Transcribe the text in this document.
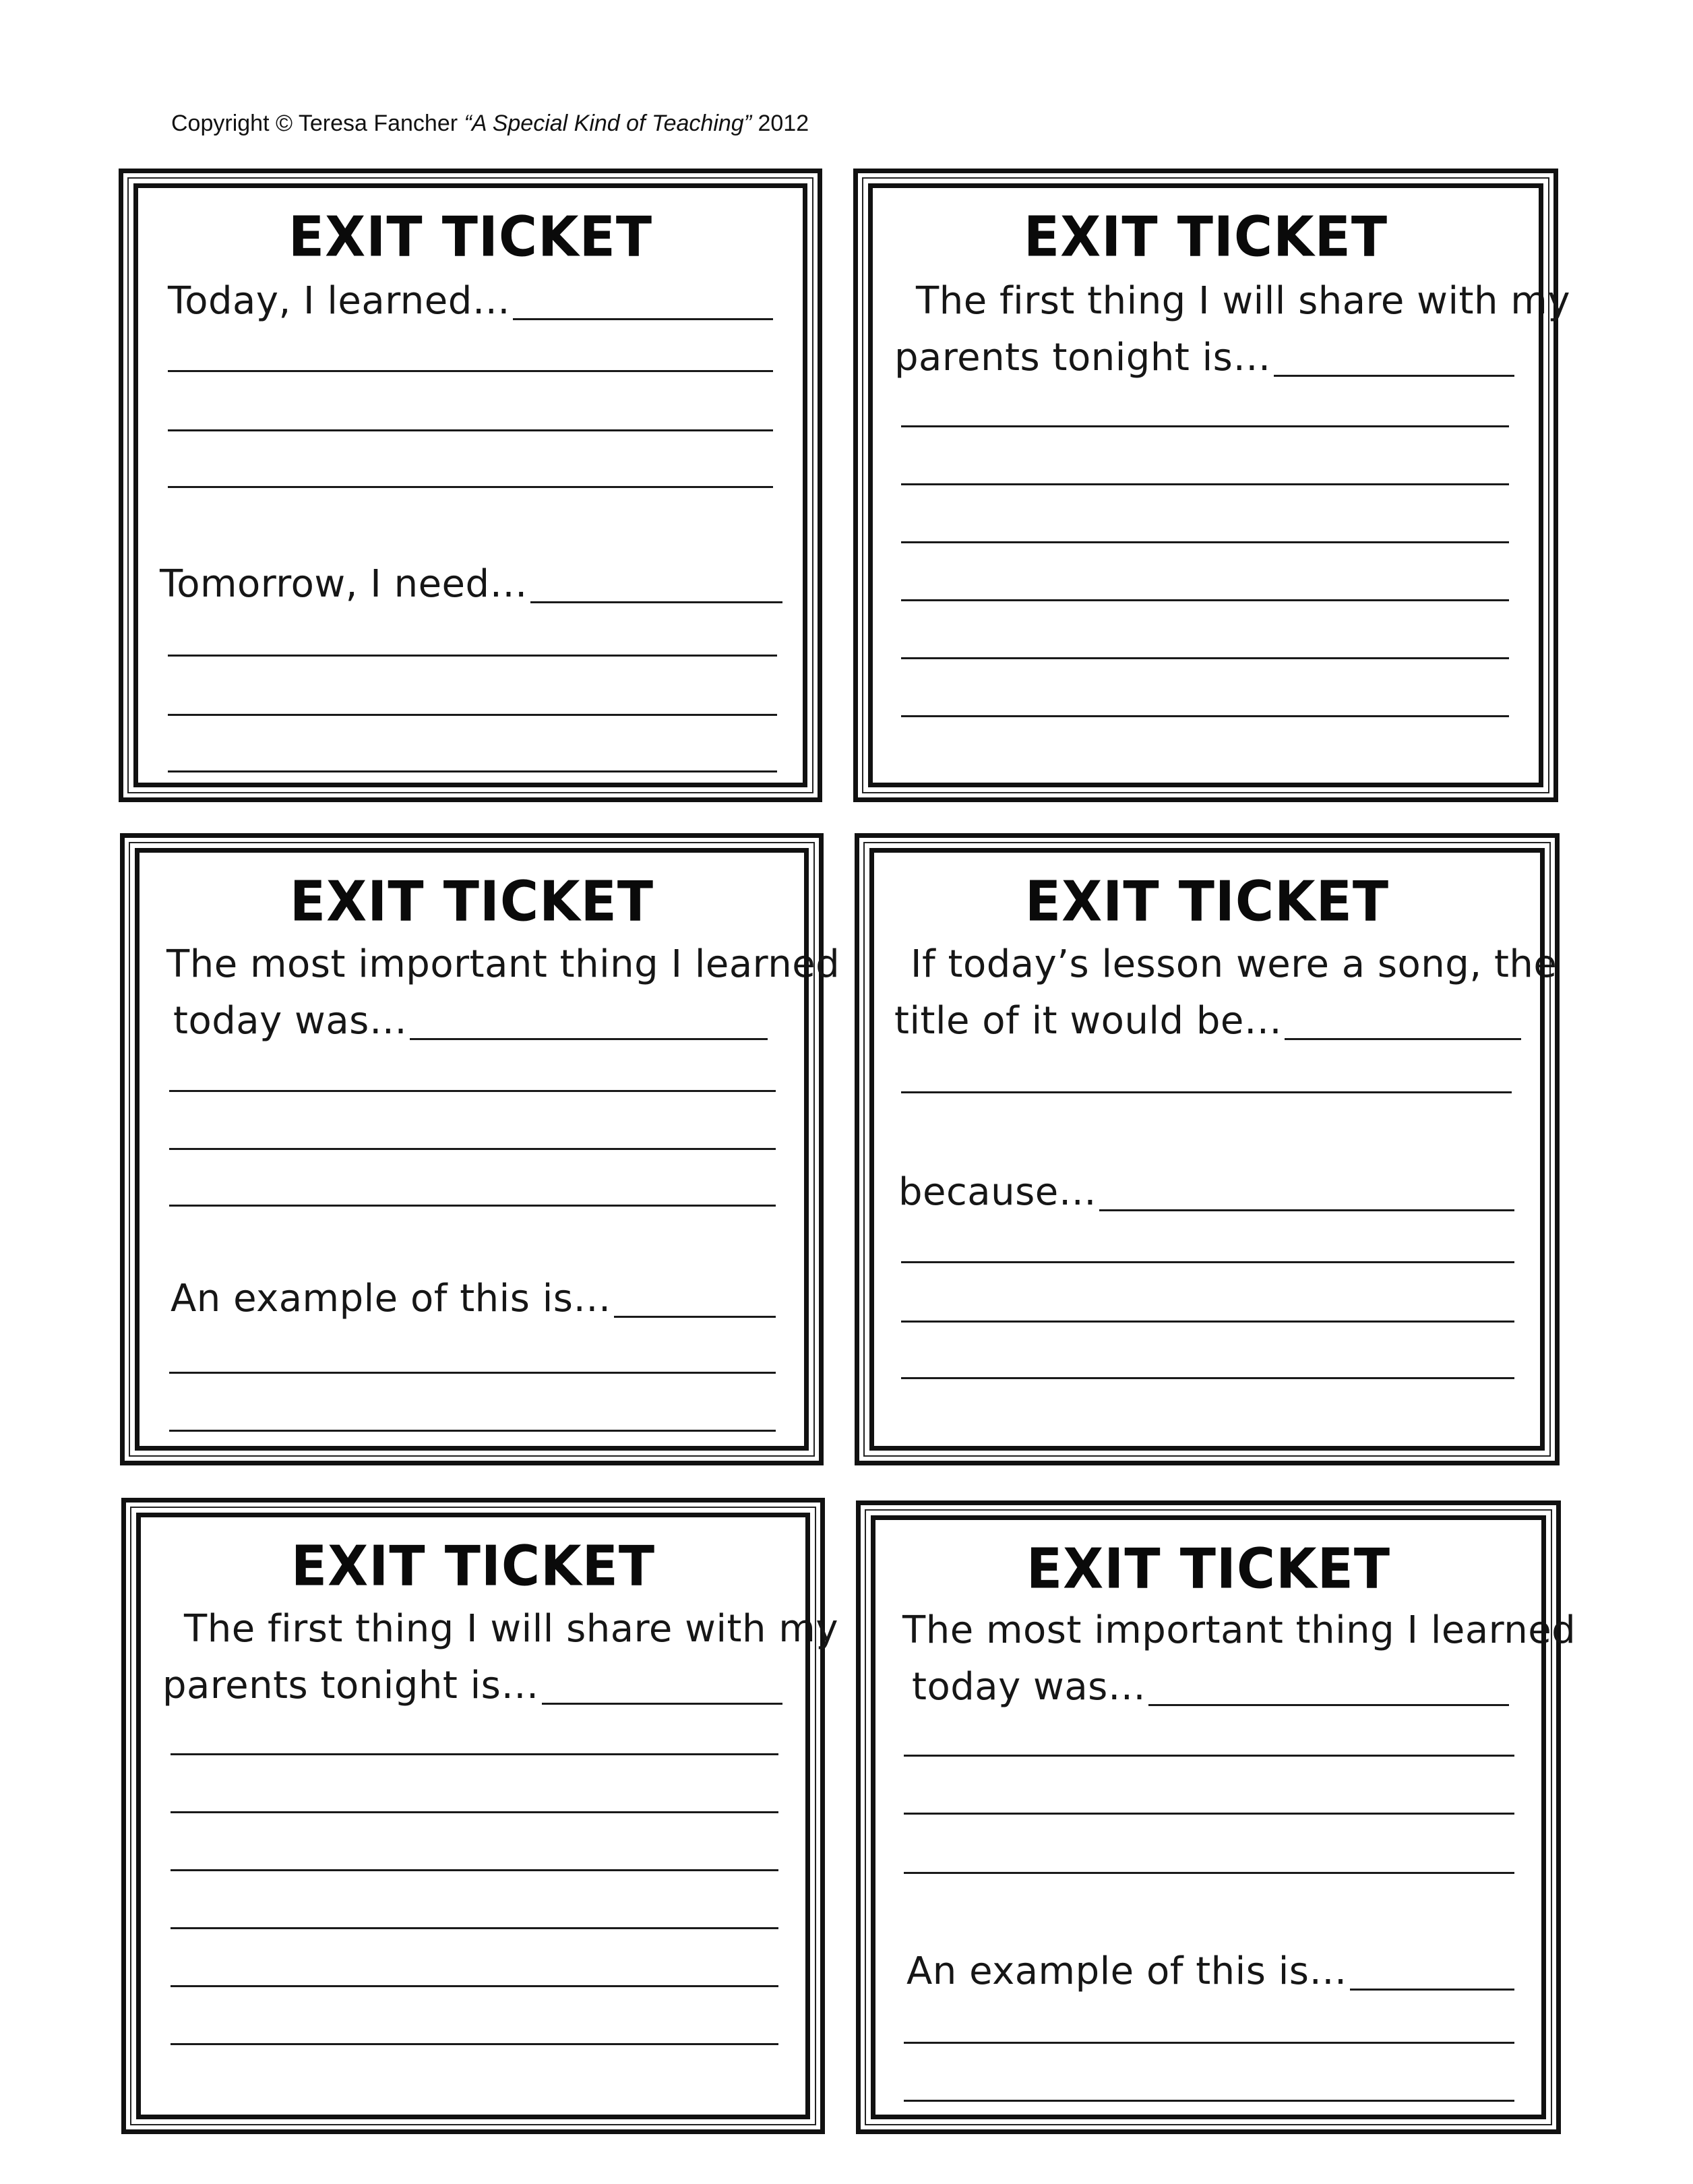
Copyright © Teresa Fancher “A Special Kind of Teaching” 2012
EXIT TICKET
Today, I learned…
Tomorrow, I need…
EXIT TICKET
The first thing I will share with my
parents tonight is…
EXIT TICKET
The most important thing I learned
today was…
An example of this is…
EXIT TICKET
If today’s lesson were a song, the
title of it would be…
because…
EXIT TICKET
The first thing I will share with my
parents tonight is…
EXIT TICKET
The most important thing I learned
today was…
An example of this is…
